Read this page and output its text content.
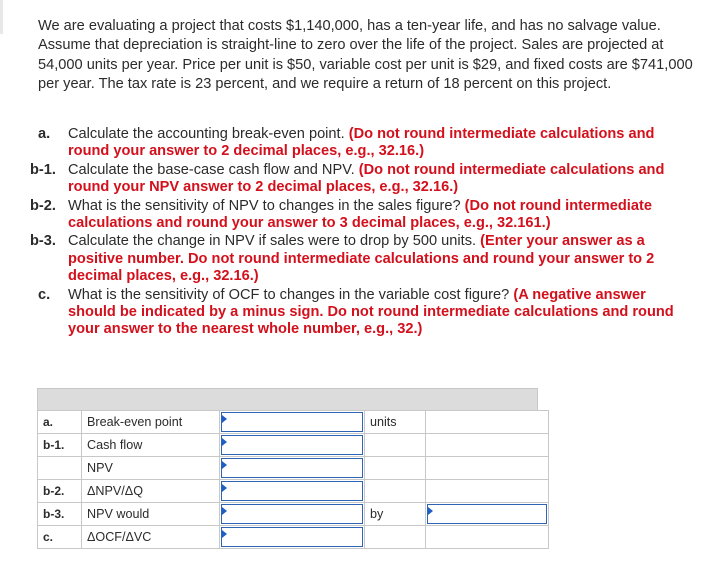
We are evaluating a project that costs $1,140,000, has a ten-year life, and has no salvage value. Assume that depreciation is straight-line to zero over the life of the project. Sales are projected at 54,000 units per year. Price per unit is $50, variable cost per unit is $29, and fixed costs are $741,000 per year. The tax rate is 23 percent, and we require a return of 18 percent on this project.

a.	Calculate the accounting break-even point. (Do not round intermediate calculations and round your answer to 2 decimal places, e.g., 32.16.)
b-1. Calculate the base-case cash flow and NPV. (Do not round intermediate calculations and round your NPV answer to 2 decimal places, e.g., 32.16.)
b-2. What is the sensitivity of NPV to changes in the sales figure? (Do not round intermediate calculations and round your answer to 3 decimal places, e.g., 32.161.)
b-3. Calculate the change in NPV if sales were to drop by 500 units. (Enter your answer as a positive number. Do not round intermediate calculations and round your answer to 2 decimal places, e.g., 32.16.)
c.	What is the sensitivity of OCF to changes in the variable cost figure? (A negative answer should be indicated by a minus sign. Do not round intermediate calculations and round your answer to the nearest whole number, e.g., 32.)
a.	Break-even point		units	
b-1.	Cash flow	

	NPV	

b-2.	ΔNPV/ΔQ	

b-3.	NPV would		by	

c.	ΔOCF/ΔVC	
